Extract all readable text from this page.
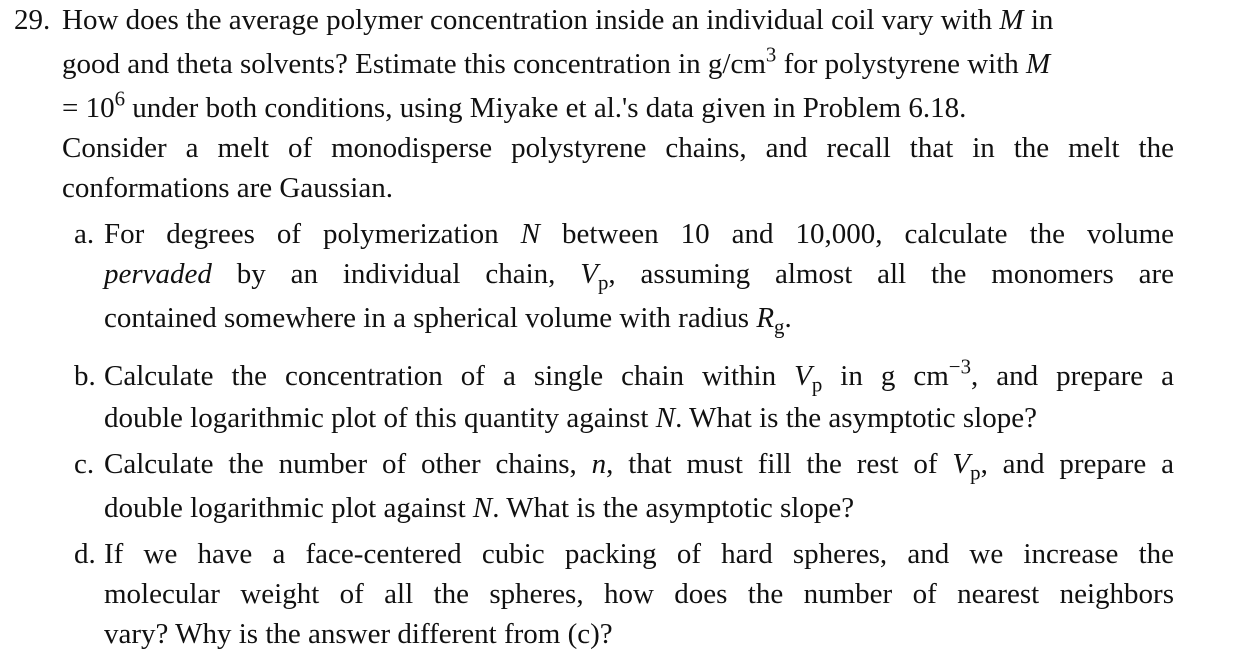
29. How does the average polymer concentration inside an individual coil vary with M in
good and theta solvents? Estimate this concentration in $g/cm^3$ for polystyrene with M
= $10^6$ under both conditions, using Miyake et al.'s data given in Problem 6.18.
Consider a melt of monodisperse polystyrene chains, and recall that in the melt the
conformations are Gaussian.
a. For degrees of polymerization N between 10 and 10,000, calculate the volume
pervaded by an individual chain, $V_p$, assuming almost all the monomers are
contained somewhere in a spherical volume with radius $R_g$.
b. Calculate the concentration of a single chain within $V_p$ in g $cm^{-3}$, and prepare a
double logarithmic plot of this quantity against N. What is the asymptotic slope?
c. Calculate the number of other chains, n, that must fill the rest of $V_p$, and prepare a
double logarithmic plot against N. What is the asymptotic slope?
d. If we have a face-centered cubic packing of hard spheres, and we increase the
molecular weight of all the spheres, how does the number of nearest neighbors
vary? Why is the answer different from (c)?
